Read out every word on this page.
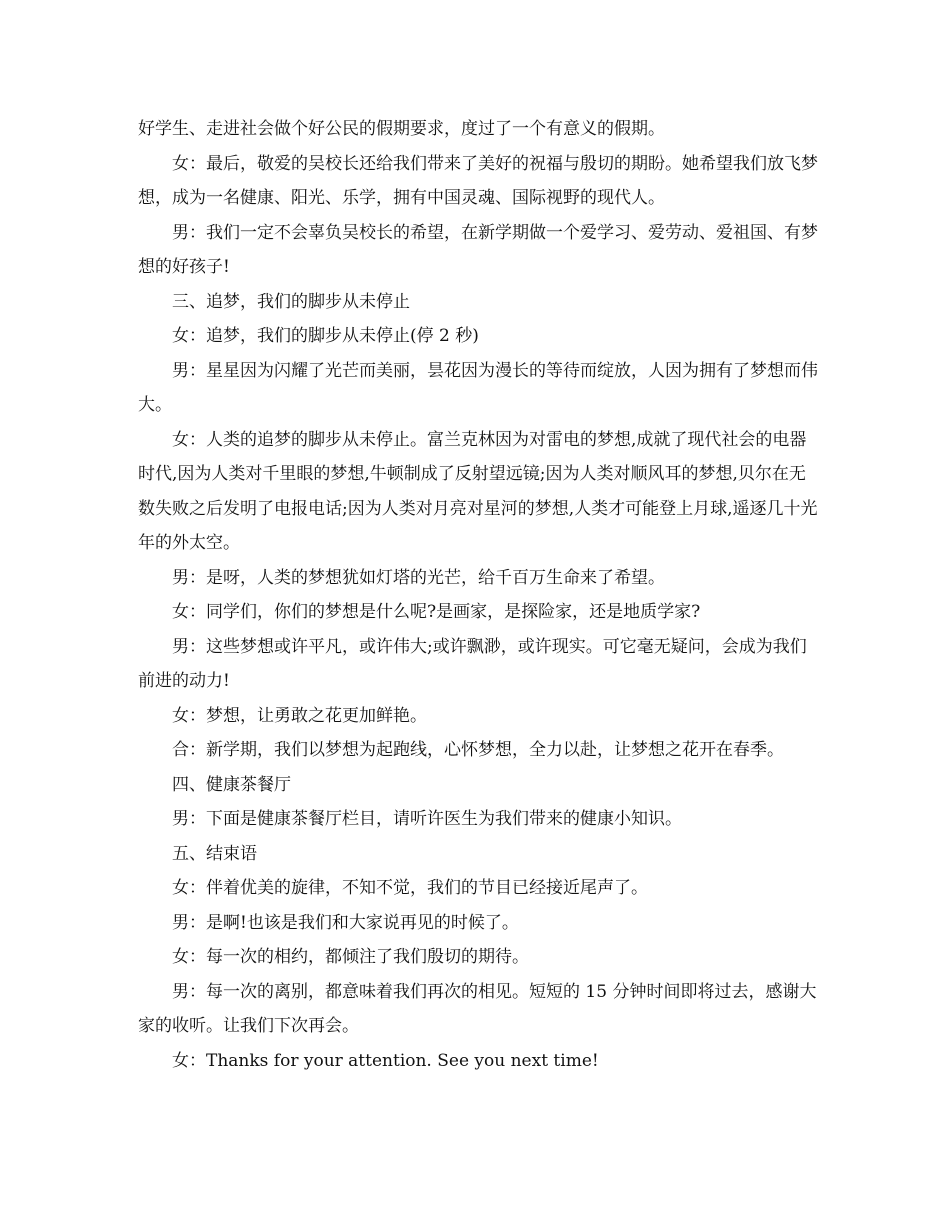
好学生、走进社会做个好公民的假期要求，度过了一个有意义的假期。

女：最后，敬爱的吴校长还给我们带来了美好的祝福与殷切的期盼。她希望我们放飞梦想，成为一名健康、阳光、乐学，拥有中国灵魂、国际视野的现代人。

男：我们一定不会辜负吴校长的希望，在新学期做一个爱学习、爱劳动、爱祖国、有梦想的好孩子!

三、追梦，我们的脚步从未停止

女：追梦，我们的脚步从未停止(停 2 秒)

男：星星因为闪耀了光芒而美丽，昙花因为漫长的等待而绽放，人因为拥有了梦想而伟大。

女：人类的追梦的脚步从未停止。富兰克林因为对雷电的梦想,成就了现代社会的电器时代,因为人类对千里眼的梦想,牛顿制成了反射望远镜;因为人类对顺风耳的梦想,贝尔在无数失败之后发明了电报电话;因为人类对月亮对星河的梦想,人类才可能登上月球,遥逐几十光年的外太空。

男：是呀，人类的梦想犹如灯塔的光芒，给千百万生命来了希望。

女：同学们，你们的梦想是什么呢?是画家，是探险家，还是地质学家?

男：这些梦想或许平凡，或许伟大;或许飘渺，或许现实。可它毫无疑问，会成为我们前进的动力!

女：梦想，让勇敢之花更加鲜艳。

合：新学期，我们以梦想为起跑线，心怀梦想，全力以赴，让梦想之花开在春季。

四、健康茶餐厅

男：下面是健康茶餐厅栏目，请听许医生为我们带来的健康小知识。

五、结束语

女：伴着优美的旋律，不知不觉，我们的节目已经接近尾声了。

男：是啊!也该是我们和大家说再见的时候了。

女：每一次的相约，都倾注了我们殷切的期待。

男：每一次的离别，都意味着我们再次的相见。短短的 15 分钟时间即将过去，感谢大家的收听。让我们下次再会。

女：Thanks for your attention. See you next time!
